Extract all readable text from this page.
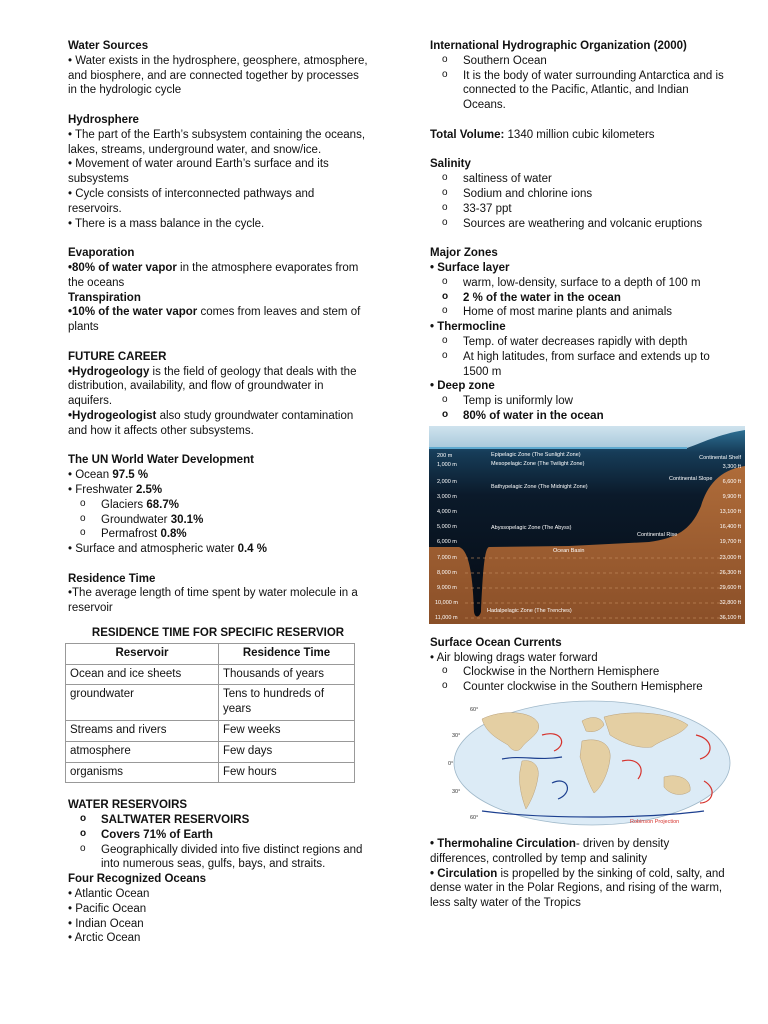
Water Sources

• Water exists in the hydrosphere, geosphere, atmosphere, and biosphere, and are connected together by processes in the hydrologic cycle

Hydrosphere

• The part of the Earth’s subsystem containing the oceans, lakes, streams, underground water, and snow/ice.

• Movement of water around Earth’s surface and its subsystems

• Cycle consists of interconnected pathways and reservoirs.

• There is a mass balance in the cycle.

Evaporation

•80% of water vapor in the atmosphere evaporates from the oceans

Transpiration

•10% of the water vapor comes from leaves and stem of plants

FUTURE CAREER

•Hydrogeology is the field of geology that deals with the distribution, availability, and flow of groundwater in aquifers.

•Hydrogeologist also study groundwater contamination and how it affects other subsystems.

The UN World Water Development

• Ocean 97.5 %

• Freshwater 2.5%

o Glaciers 68.7%

o Groundwater 30.1%

o Permafrost 0.8%

• Surface and atmospheric water 0.4 %

Residence Time

•The average length of time spent by water molecule in a reservoir

RESIDENCE TIME FOR SPECIFIC RESERVIOR

Reservoir	Residence Time
Ocean and ice sheets	Thousands of years
groundwater	Tens to hundreds of years
Streams and rivers	Few weeks
atmosphere	Few days
organisms	Few hours

WATER RESERVOIRS

o SALTWATER RESERVOIRS

o Covers 71% of Earth

o Geographically divided into five distinct regions and into numerous seas, gulfs, bays, and straits.

Four Recognized Oceans

• Atlantic Ocean

• Pacific Ocean

• Indian Ocean

• Arctic Ocean

International Hydrographic Organization (2000)

o Southern Ocean

o It is the body of water surrounding Antarctica and is connected to the Pacific, Atlantic, and Indian Oceans.

Total Volume: 1340 million cubic kilometers

Salinity

o saltiness of water

o Sodium and chlorine ions

o 33-37 ppt

o Sources are weathering and volcanic eruptions

Major Zones

• Surface layer

o warm, low-density, surface to a depth of 100 m

o 2 % of the water in the ocean

o Home of most marine plants and animals

• Thermocline

o Temp. of water decreases rapidly with depth

o At high latitudes, from surface and extends up to 1500 m

• Deep zone

o Temp is uniformly low

o 80% of water in the ocean

200 m
1,000 m
2,000 m
3,000 m
4,000 m
5,000 m
6,000 m
7,000 m
8,000 m
9,000 m
10,000 m
11,000 m
Continental Shelf
3,300 ft
6,600 ft
9,900 ft
13,100 ft
16,400 ft
19,700 ft
23,000 ft
26,300 ft
29,600 ft
32,800 ft
36,100 ft
Epipelagic Zone (The Sunlight Zone)
Mesopelagic Zone (The Twilight Zone)
Bathypelagic Zone (The Midnight Zone)
Abyssopelagic Zone (The Abyss)
Ocean Basin
Hadalpelagic Zone (The Trenches)
Continental Slope
Continental Rise

Surface Ocean Currents

• Air blowing drags water forward

o Clockwise in the Northern Hemisphere

o Counter clockwise in the Southern Hemisphere

60°
30°
0°
30°
60°
Robinson Projection

• Thermohaline Circulation- driven by density differences, controlled by temp and salinity

• Circulation is propelled by the sinking of cold, salty, and dense water in the Polar Regions, and rising of the warm, less salty water of the Tropics
